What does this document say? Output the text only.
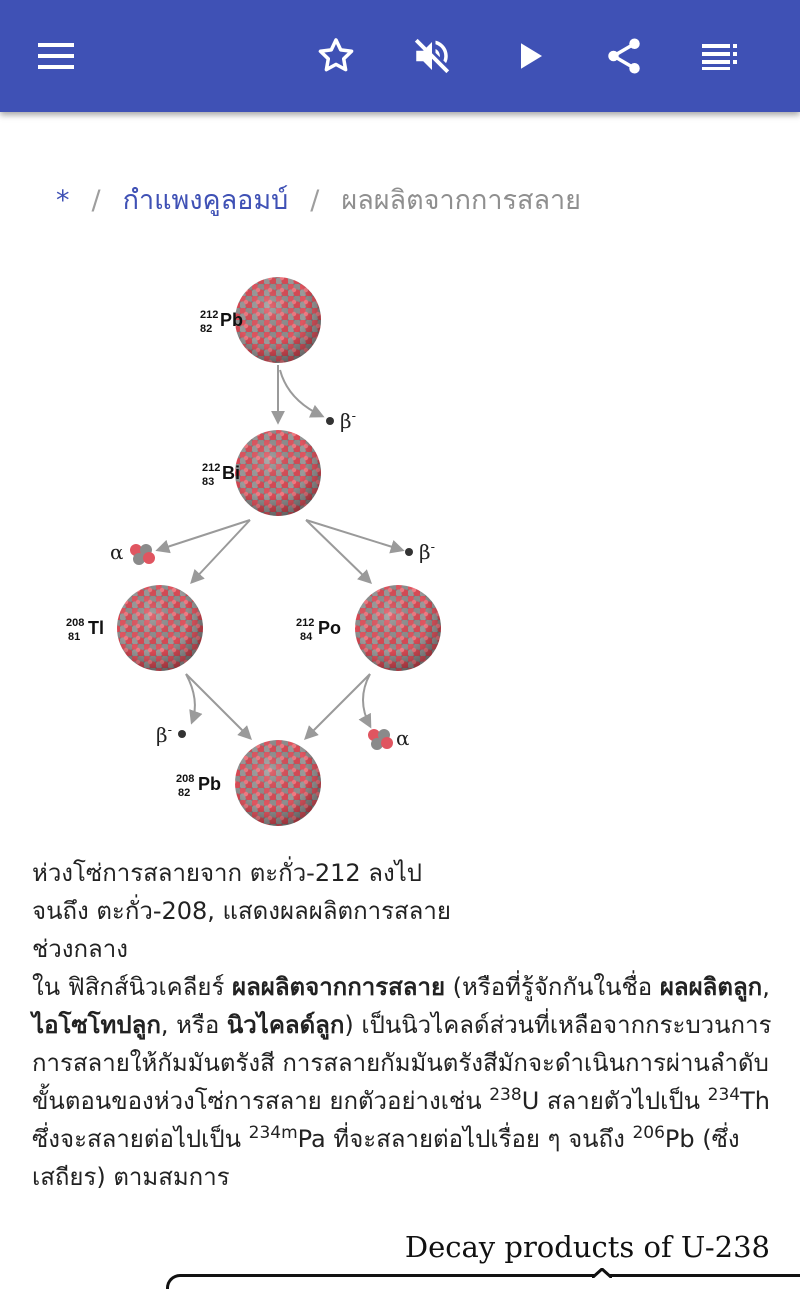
* / กำแพงคูลอมบ์ / ผลผลิตจากการสลาย
β-
β-
β-
α
α
$^{212}$ 82 Pb
$^{212}$ 83 Bi
$^{208}$ 81 Tl	$^{212}$ 84 Po
$^{208}$ 82 Pb
ห่วงโซ่การสลายจาก ตะกั่ว-212 ลงไป
จนถึง ตะกั่ว-208, แสดงผลผลิตการสลาย
ช่วงกลาง

ใน ฟิสิกส์นิวเคลียร์ ผลผลิตจากการสลาย (หรือที่รู้จักกันในชื่อ ผลผลิตลูก, ไอโซโทปลูก, หรือ นิวไคลด์ลูก) เป็นนิวไคลด์ส่วนที่เหลือจากกระบวนการการสลายให้กัมมันตรังสี การสลายกัมมันตรังสีมักจะดำเนินการผ่านลำดับขั้นตอนของห่วงโซ่การสลาย ยกตัวอย่างเช่น $^{238}$U สลายตัวไปเป็น $^{234}$Th ซึ่งจะสลายต่อไปเป็น $^{234m}$Pa ที่จะสลายต่อไปเรื่อย ๆ จนถึง $^{206}$Pb (ซึ่งเสถียร) ตามสมการ

Decay products of U-238
